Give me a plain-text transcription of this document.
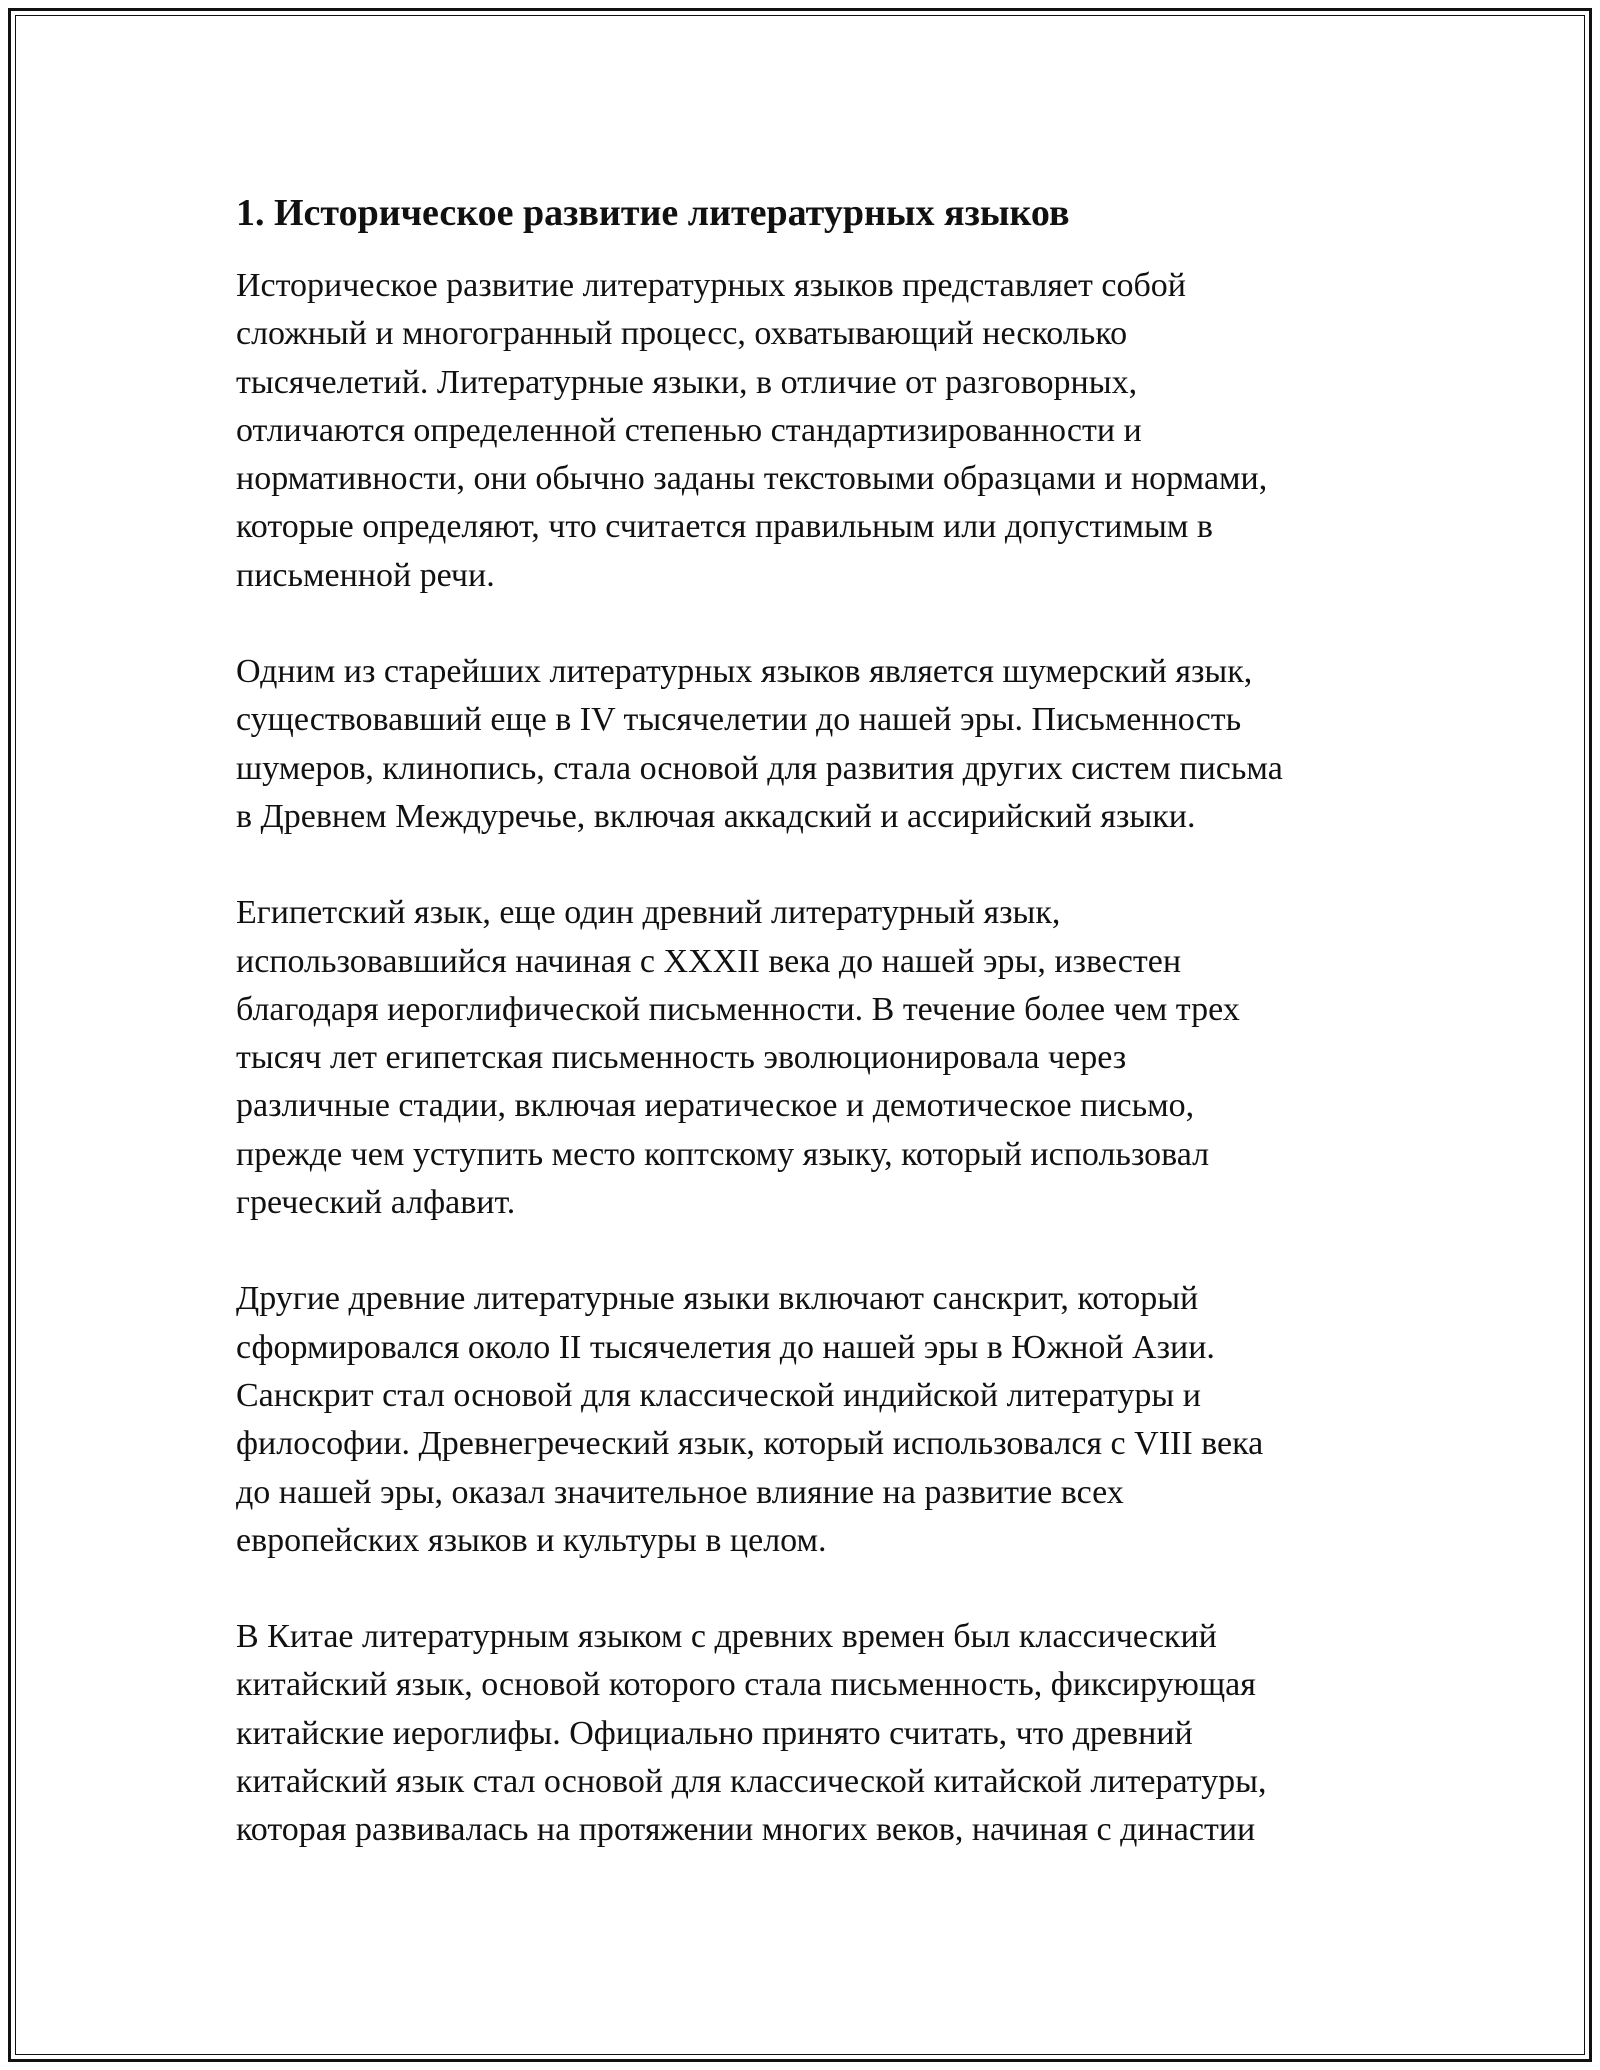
1. Историческое развитие литературных языков

Историческое развитие литературных языков представляет собой
сложный и многогранный процесс, охватывающий несколько
тысячелетий. Литературные языки, в отличие от разговорных,
отличаются определенной степенью стандартизированности и
нормативности, они обычно заданы текстовыми образцами и нормами,
которые определяют, что считается правильным или допустимым в
письменной речи.

Одним из старейших литературных языков является шумерский язык,
существовавший еще в IV тысячелетии до нашей эры. Письменность
шумеров, клинопись, стала основой для развития других систем письма
в Древнем Междуречье, включая аккадский и ассирийский языки.

Египетский язык, еще один древний литературный язык,
использовавшийся начиная с XXXII века до нашей эры, известен
благодаря иероглифической письменности. В течение более чем трех
тысяч лет египетская письменность эволюционировала через
различные стадии, включая иератическое и демотическое письмо,
прежде чем уступить место коптскому языку, который использовал
греческий алфавит.

Другие древние литературные языки включают санскрит, который
сформировался около II тысячелетия до нашей эры в Южной Азии.
Санскрит стал основой для классической индийской литературы и
философии. Древнегреческий язык, который использовался с VIII века
до нашей эры, оказал значительное влияние на развитие всех
европейских языков и культуры в целом.

В Китае литературным языком с древних времен был классический
китайский язык, основой которого стала письменность, фиксирующая
китайские иероглифы. Официально принято считать, что древний
китайский язык стал основой для классической китайской литературы,
которая развивалась на протяжении многих веков, начиная с династии
